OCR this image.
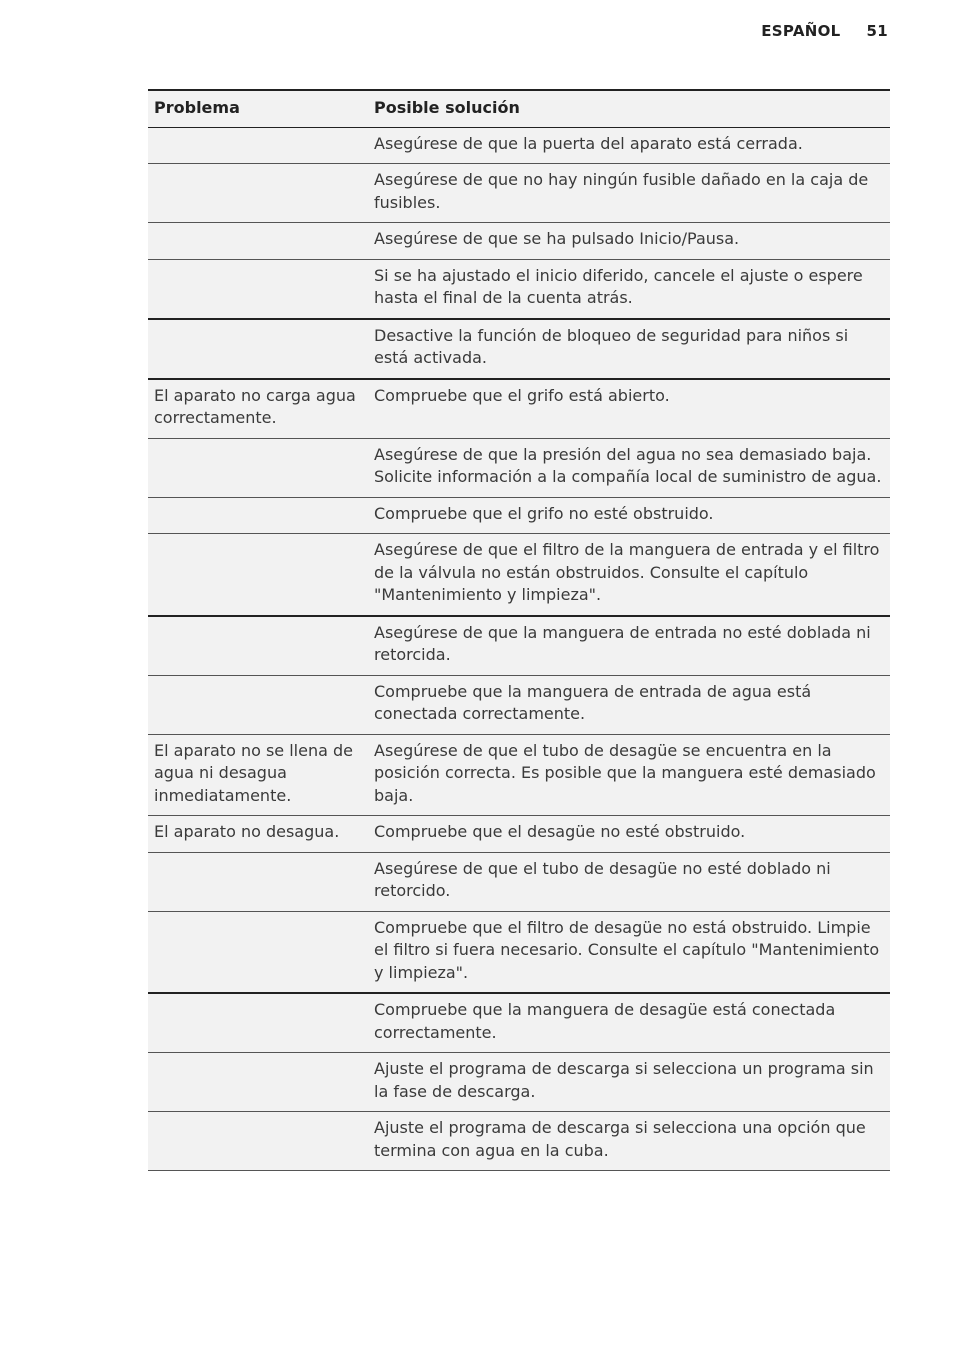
ESPAÑOL 51
Problema	Posible solución
	Asegúrese de que la puerta del aparato está cerrada.
	Asegúrese de que no hay ningún fusible dañado en la caja de fusibles.
	Asegúrese de que se ha pulsado Inicio/Pausa.
	Si se ha ajustado el inicio diferido, cancele el ajuste o espere hasta el final de la cuenta atrás.
	Desactive la función de bloqueo de seguridad para niños si está activada.
El aparato no carga agua correctamente.	Compruebe que el grifo está abierto.
	Asegúrese de que la presión del agua no sea demasiado baja. Solicite información a la compañía local de suministro de agua.
	Compruebe que el grifo no esté obstruido.
	Asegúrese de que el filtro de la manguera de entrada y el filtro de la válvula no están obstruidos. Consulte el capítulo "Mantenimiento y limpieza".
	Asegúrese de que la manguera de entrada no esté doblada ni retorcida.
	Compruebe que la manguera de entrada de agua está conectada correctamente.
El aparato no se llena de agua ni desagua inmediatamente.	Asegúrese de que el tubo de desagüe se encuentra en la posición correcta. Es posible que la manguera esté demasiado baja.
El aparato no desagua.	Compruebe que el desagüe no esté obstruido.
	Asegúrese de que el tubo de desagüe no esté doblado ni retorcido.
	Compruebe que el filtro de desagüe no está obstruido. Limpie el filtro si fuera necesario. Consulte el capítulo "Mantenimiento y limpieza".
	Compruebe que la manguera de desagüe está conectada correctamente.
	Ajuste el programa de descarga si selecciona un programa sin la fase de descarga.
	Ajuste el programa de descarga si selecciona una opción que termina con agua en la cuba.
